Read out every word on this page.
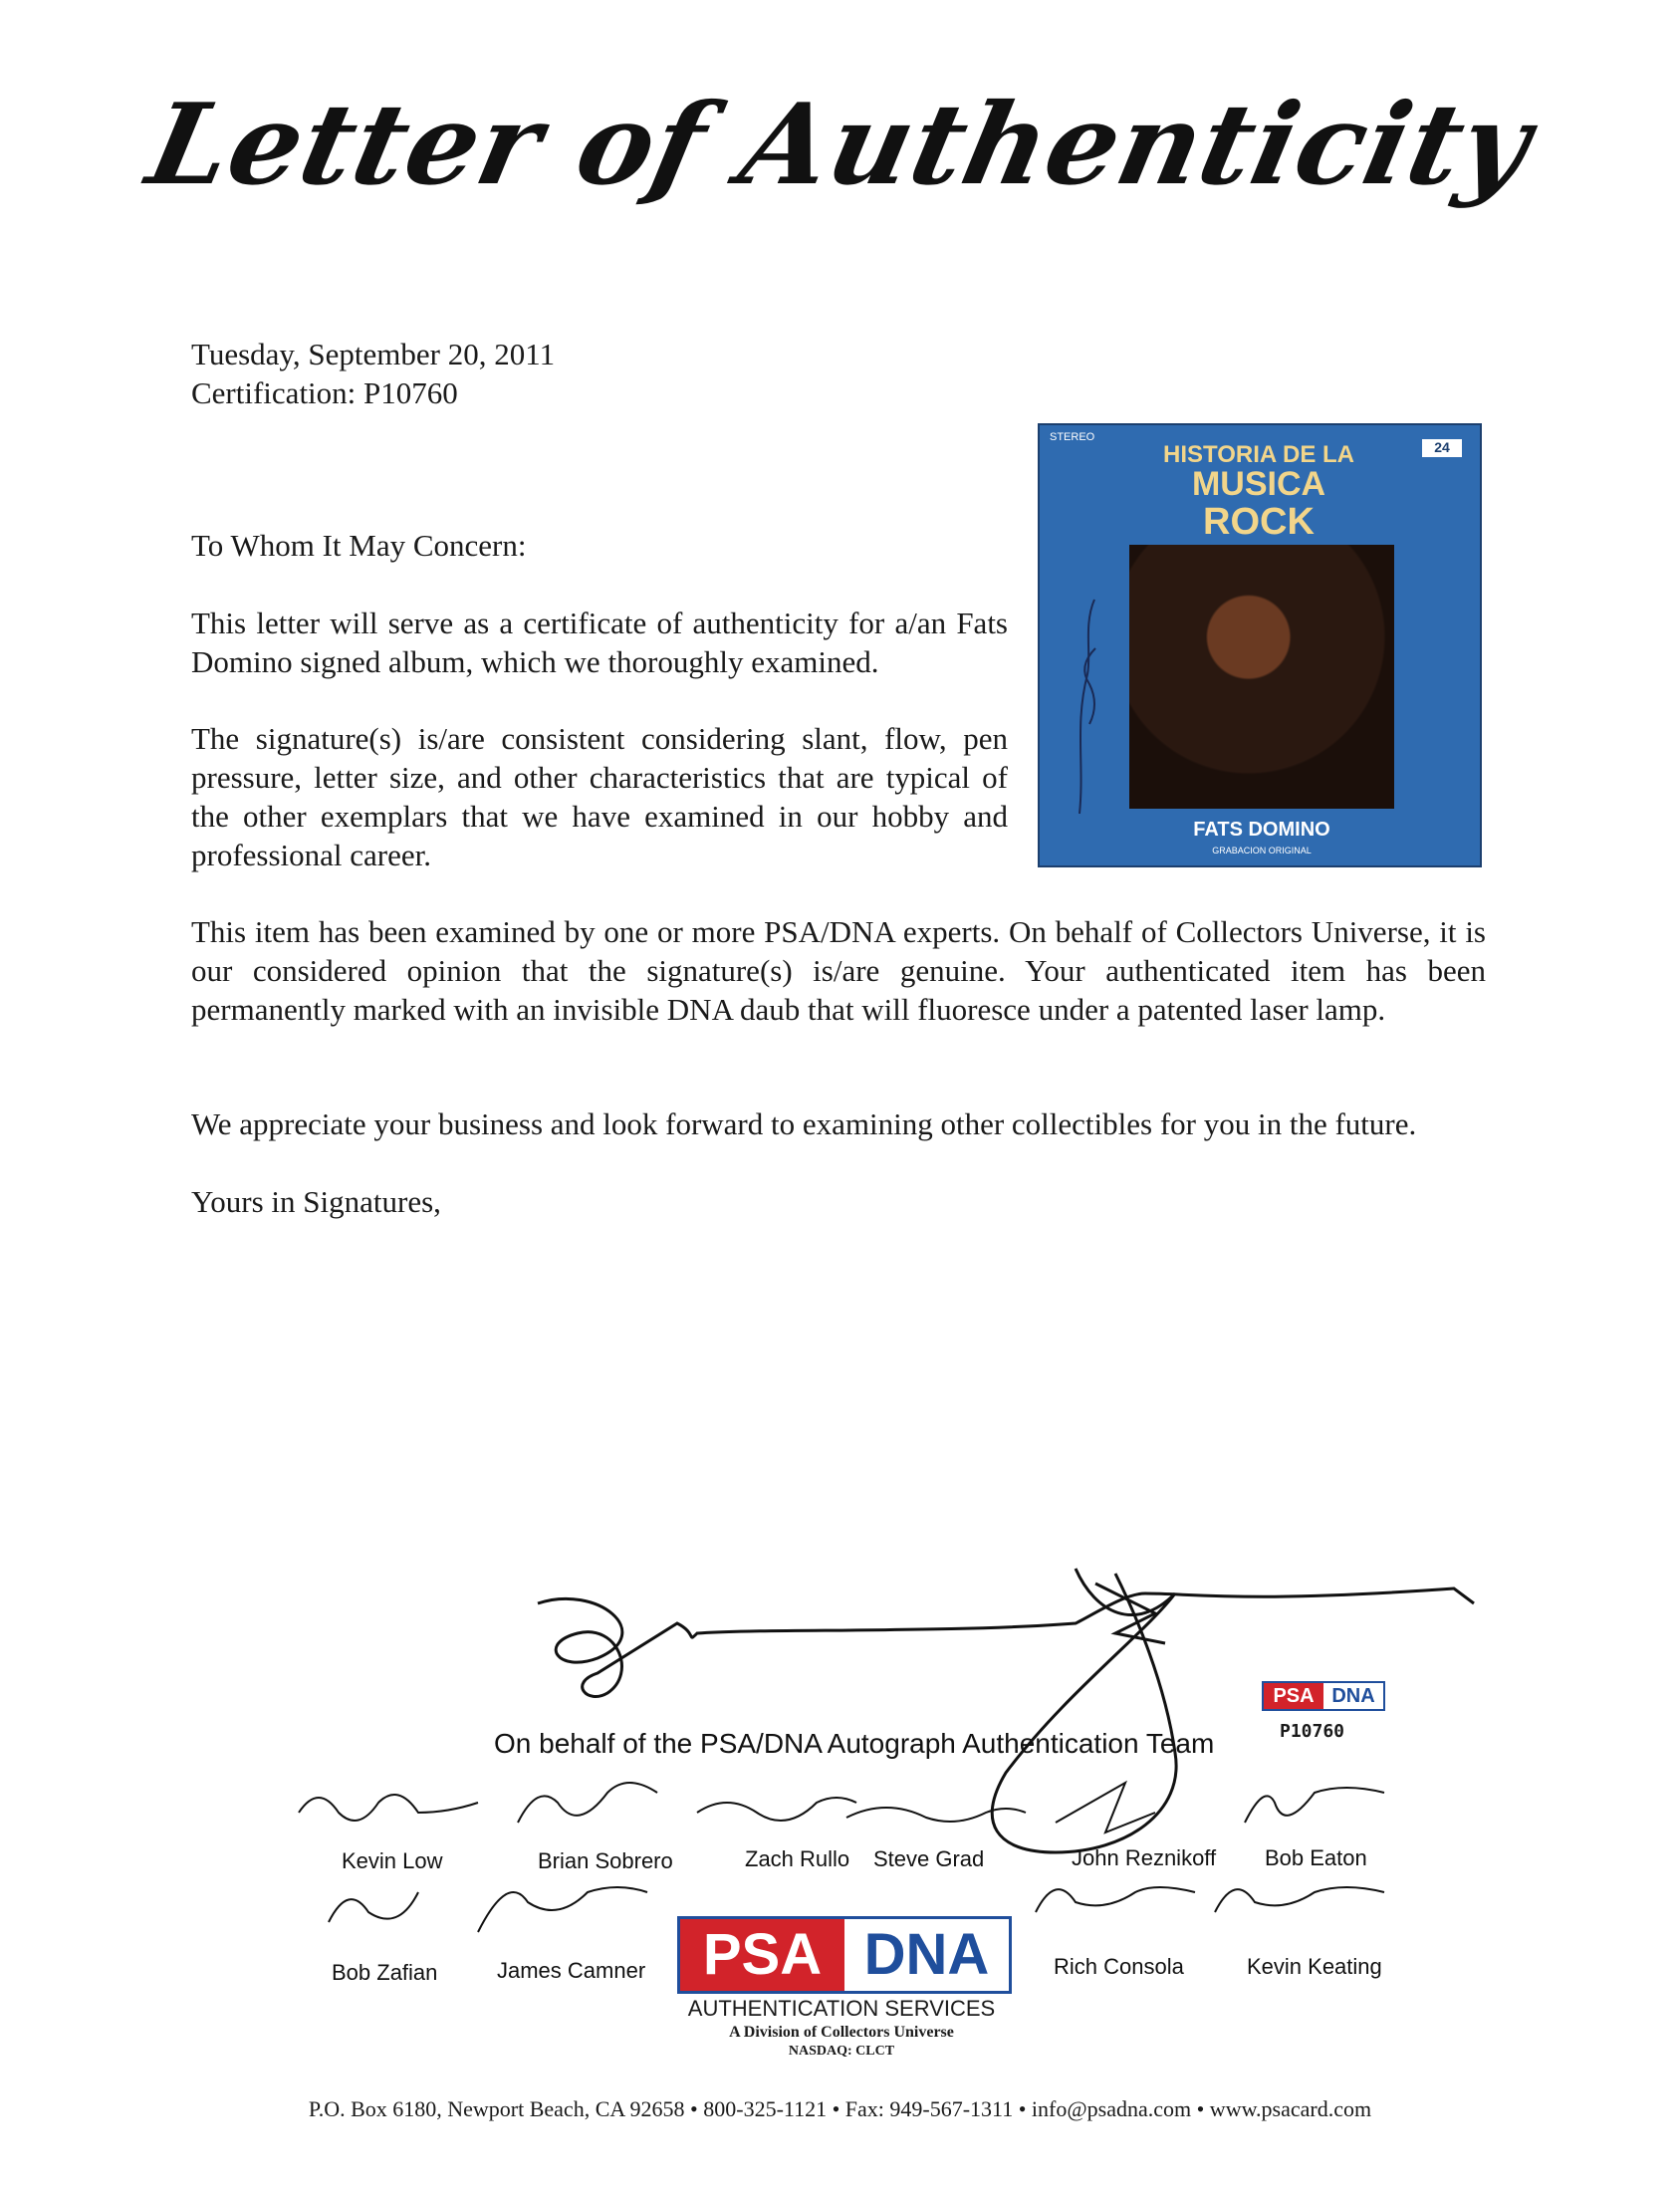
Letter of Authenticity
Tuesday, September 20, 2011
Certification: P10760
STEREO
HISTORIA DE LA
MUSICA
ROCK
24
FATS DOMINO
GRABACION ORIGINAL
To Whom It May Concern:
This letter will serve as a certificate of authenticity for a/an Fats Domino signed album, which we thoroughly examined.
The signature(s) is/are consistent considering slant, flow, pen pressure, letter size, and other characteristics that are typical of the other exemplars that we have examined in our hobby and professional career.
This item has been examined by one or more PSA/DNA experts. On behalf of Collectors Universe, it is our considered opinion that the signature(s) is/are genuine. Your authenticated item has been permanently marked with an invisible DNA daub that will fluoresce under a patented laser lamp.
We appreciate your business and look forward to examining other collectibles for you in the future.
Yours in Signatures,
PSA DNA
P10760
On behalf of the PSA/DNA Autograph Authentication Team
Kevin Low	Brian Sobrero	Zach Rullo Steve Grad	John Reznikoff Bob Eaton
Bob Zafian	James Camner	Rich Consola	Kevin Keating
PSA DNA
AUTHENTICATION SERVICES
A Division of Collectors Universe
NASDAQ: CLCT
P.O. Box 6180, Newport Beach, CA 92658 • 800-325-1121 • Fax: 949-567-1311 • info@psadna.com • www.psacard.com
